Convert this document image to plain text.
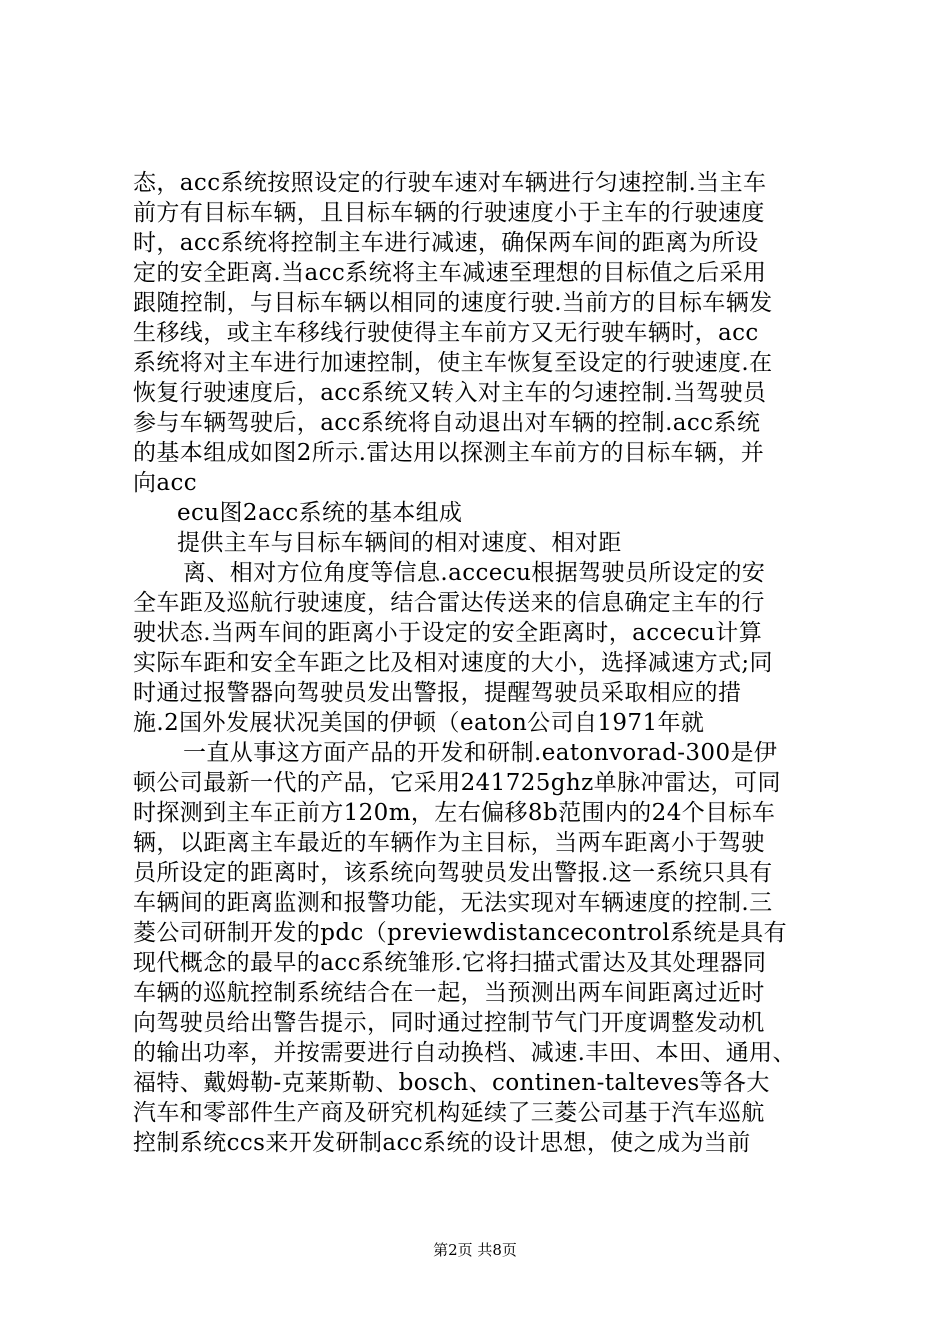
态，acc系统按照设定的行驶车速对车辆进行匀速控制.当主车
前方有目标车辆，且目标车辆的行驶速度小于主车的行驶速度
时，acc系统将控制主车进行减速，确保两车间的距离为所设
定的安全距离.当acc系统将主车减速至理想的目标值之后采用
跟随控制，与目标车辆以相同的速度行驶.当前方的目标车辆发
生移线，或主车移线行驶使得主车前方又无行驶车辆时，acc
系统将对主车进行加速控制，使主车恢复至设定的行驶速度.在
恢复行驶速度后，acc系统又转入对主车的匀速控制.当驾驶员
参与车辆驾驶后，acc系统将自动退出对车辆的控制.acc系统
的基本组成如图2所示.雷达用以探测主车前方的目标车辆，并
向acc
ecu图2acc系统的基本组成
提供主车与目标车辆间的相对速度、相对距
离、相对方位角度等信息.accecu根据驾驶员所设定的安
全车距及巡航行驶速度，结合雷达传送来的信息确定主车的行
驶状态.当两车间的距离小于设定的安全距离时，accecu计算
实际车距和安全车距之比及相对速度的大小，选择减速方式;同
时通过报警器向驾驶员发出警报，提醒驾驶员采取相应的措
施.2国外发展状况美国的伊顿（eaton公司自1971年就
一直从事这方面产品的开发和研制.eatonvorad-300是伊
顿公司最新一代的产品，它采用241725ghz单脉冲雷达，可同
时探测到主车正前方120m，左右偏移8b范围内的24个目标车
辆，以距离主车最近的车辆作为主目标，当两车距离小于驾驶
员所设定的距离时，该系统向驾驶员发出警报.这一系统只具有
车辆间的距离监测和报警功能，无法实现对车辆速度的控制.三
菱公司研制开发的pdc（previewdistancecontrol系统是具有
现代概念的最早的acc系统雏形.它将扫描式雷达及其处理器同
车辆的巡航控制系统结合在一起，当预测出两车间距离过近时
向驾驶员给出警告提示，同时通过控制节气门开度调整发动机
的输出功率，并按需要进行自动换档、减速.丰田、本田、通用、
福特、戴姆勒-克莱斯勒、bosch、continen-talteves等各大
汽车和零部件生产商及研究机构延续了三菱公司基于汽车巡航
控制系统ccs来开发研制acc系统的设计思想，使之成为当前
第2页 共8页
